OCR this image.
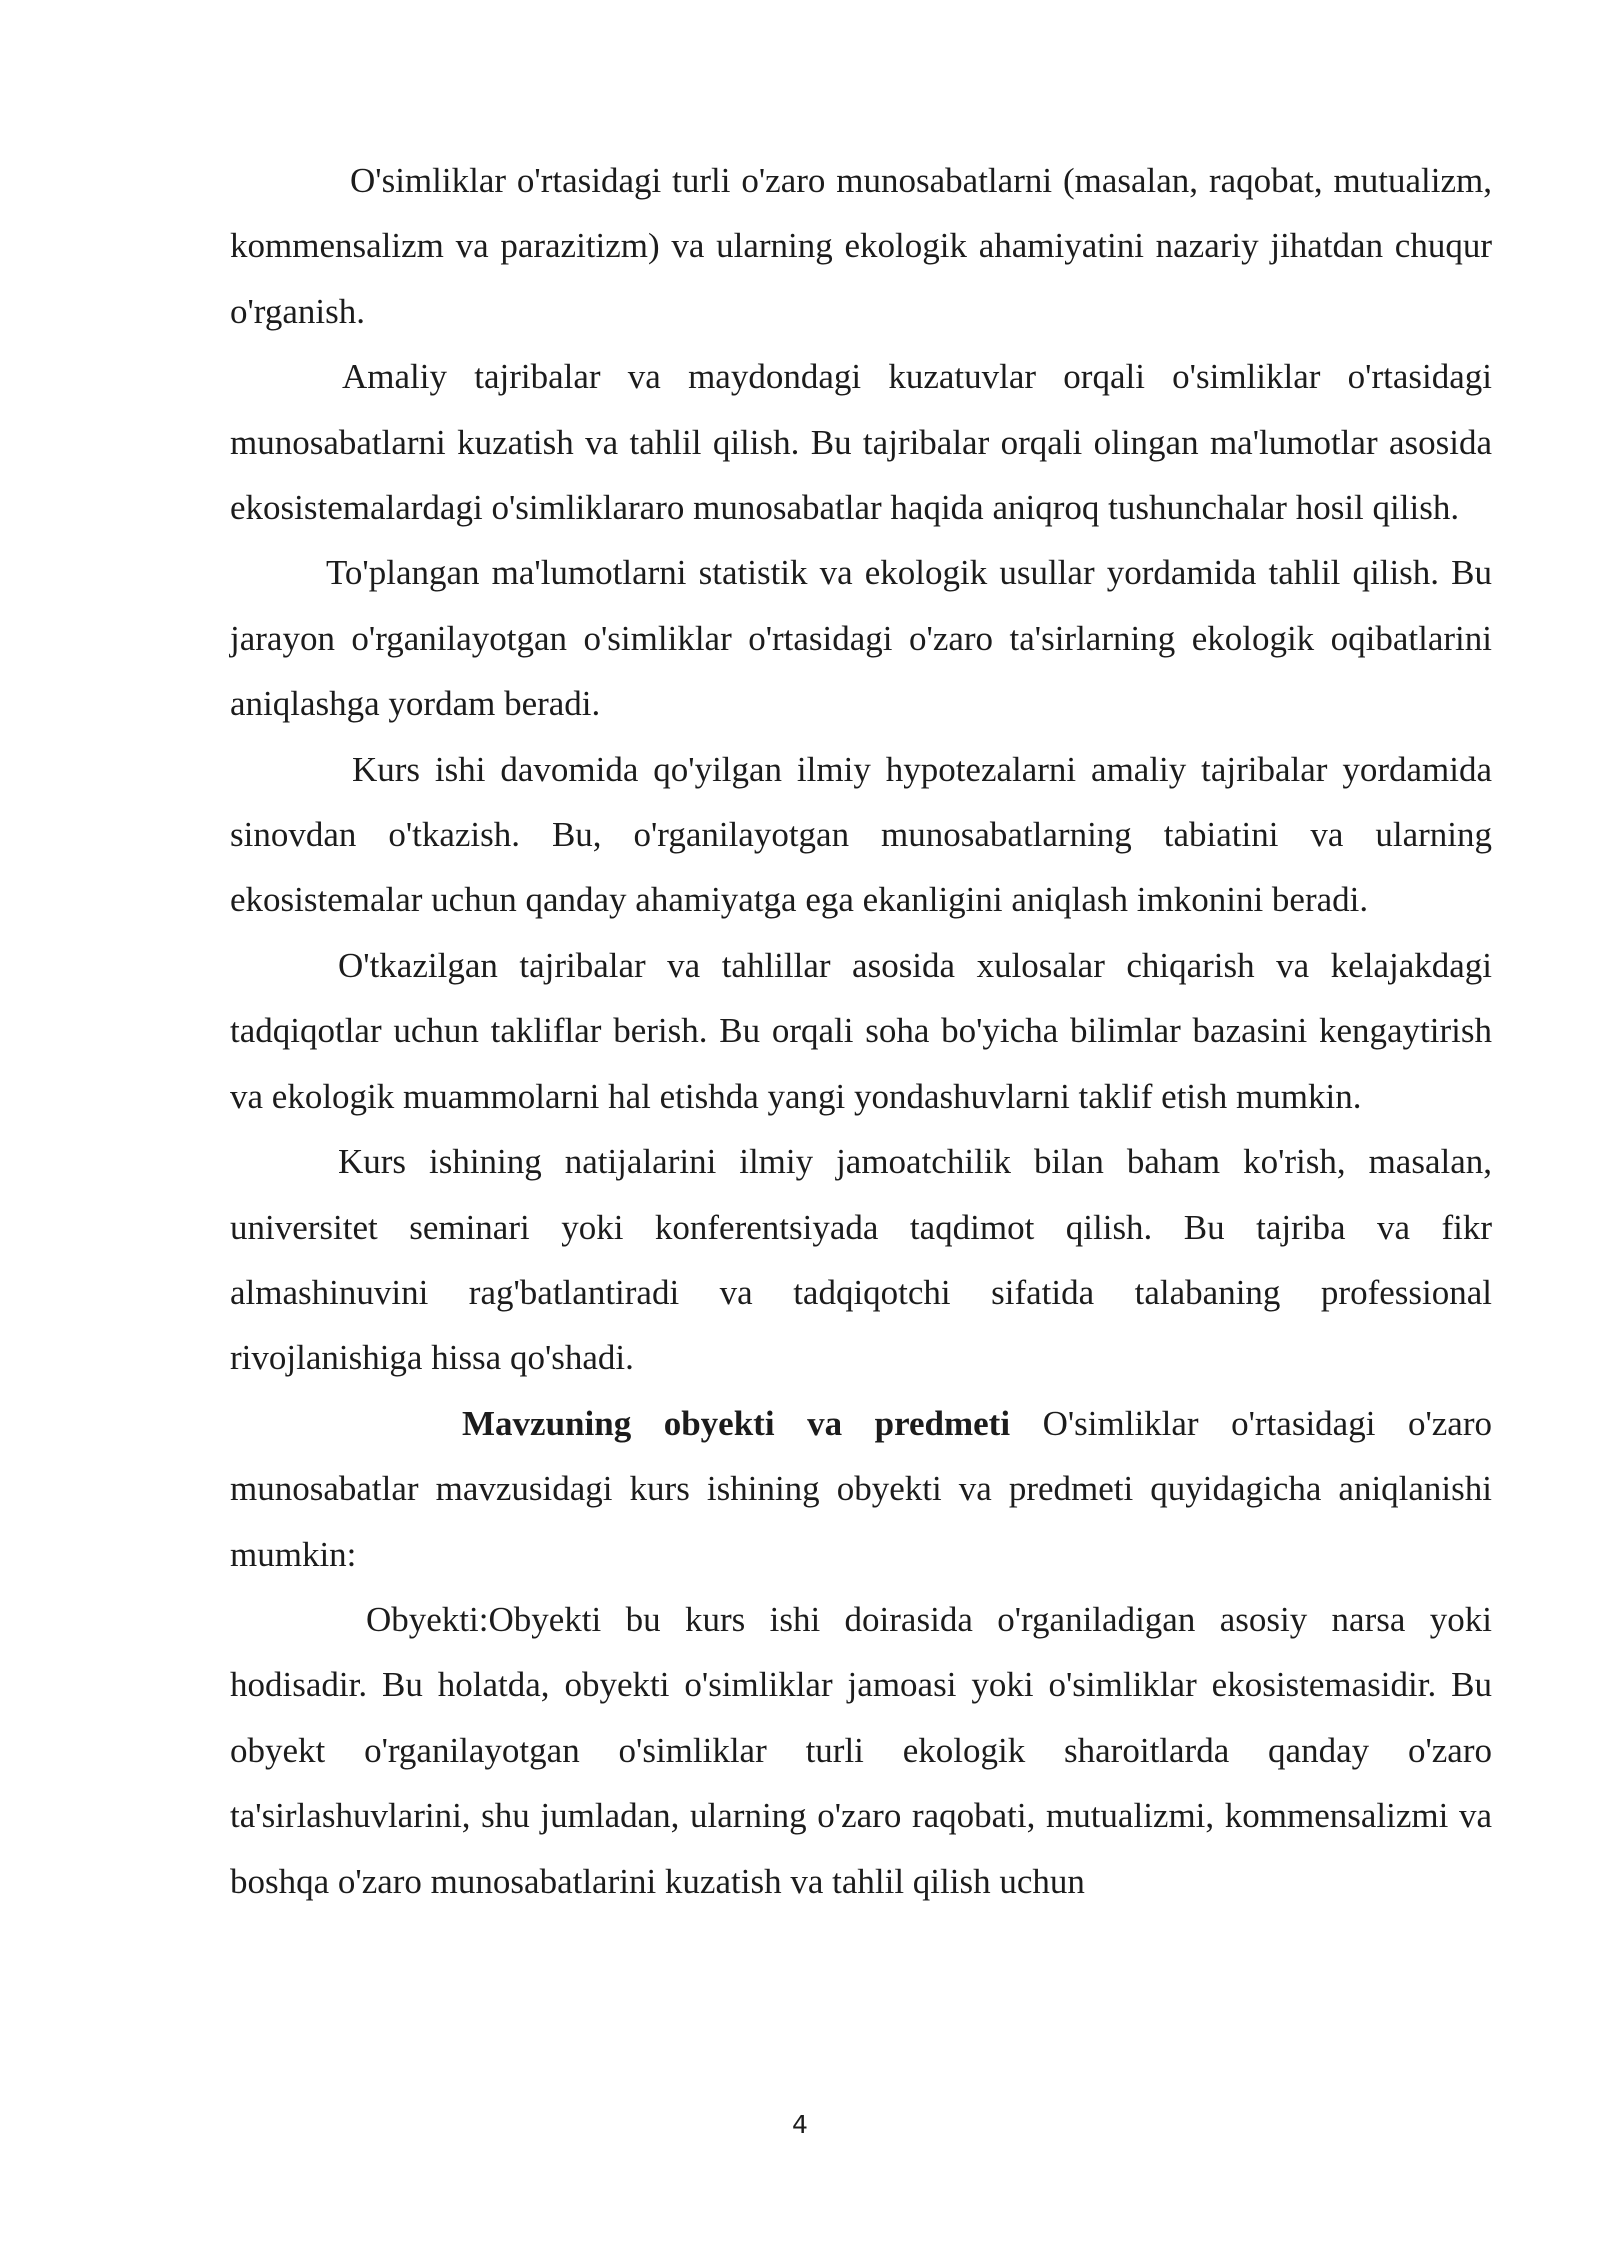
O'simliklar o'rtasidagi turli o'zaro munosabatlarni (masalan, raqobat, mutualizm, kommensalizm va parazitizm) va ularning ekologik ahamiyatini nazariy jihatdan chuqur o'rganish.

Amaliy tajribalar va maydondagi kuzatuvlar orqali o'simliklar o'rtasidagi munosabatlarni kuzatish va tahlil qilish. Bu tajribalar orqali olingan ma'lumotlar asosida ekosistemalardagi o'simliklararo munosabatlar haqida aniqroq tushunchalar hosil qilish.

To'plangan ma'lumotlarni statistik va ekologik usullar yordamida tahlil qilish. Bu jarayon o'rganilayotgan o'simliklar o'rtasidagi o'zaro ta'sirlarning ekologik oqibatlarini aniqlashga yordam beradi.

Kurs ishi davomida qo'yilgan ilmiy hypotezalarni amaliy tajribalar yordamida sinovdan o'tkazish. Bu, o'rganilayotgan munosabatlarning tabiatini va ularning ekosistemalar uchun qanday ahamiyatga ega ekanligini aniqlash imkonini beradi.

O'tkazilgan tajribalar va tahlillar asosida xulosalar chiqarish va kelajakdagi tadqiqotlar uchun takliflar berish. Bu orqali soha bo'yicha bilimlar bazasini kengaytirish va ekologik muammolarni hal etishda yangi yondashuvlarni taklif etish mumkin.

Kurs ishining natijalarini ilmiy jamoatchilik bilan baham ko'rish, masalan, universitet seminari yoki konferentsiyada taqdimot qilish. Bu tajriba va fikr almashinuvini rag'batlantiradi va tadqiqotchi sifatida talabaning professional rivojlanishiga hissa qo'shadi.

Mavzuning obyekti va predmeti O'simliklar o'rtasidagi o'zaro munosabatlar mavzusidagi kurs ishining obyekti va predmeti quyidagicha aniqlanishi mumkin:

Obyekti:Obyekti bu kurs ishi doirasida o'rganiladigan asosiy narsa yoki hodisadir. Bu holatda, obyekti o'simliklar jamoasi yoki o'simliklar ekosistemasidir. Bu obyekt o'rganilayotgan o'simliklar turli ekologik sharoitlarda qanday o'zaro ta'sirlashuvlarini, shu jumladan, ularning o'zaro raqobati, mutualizmi, kommensalizmi va boshqa o'zaro munosabatlarini kuzatish va tahlil qilish uchun

4
